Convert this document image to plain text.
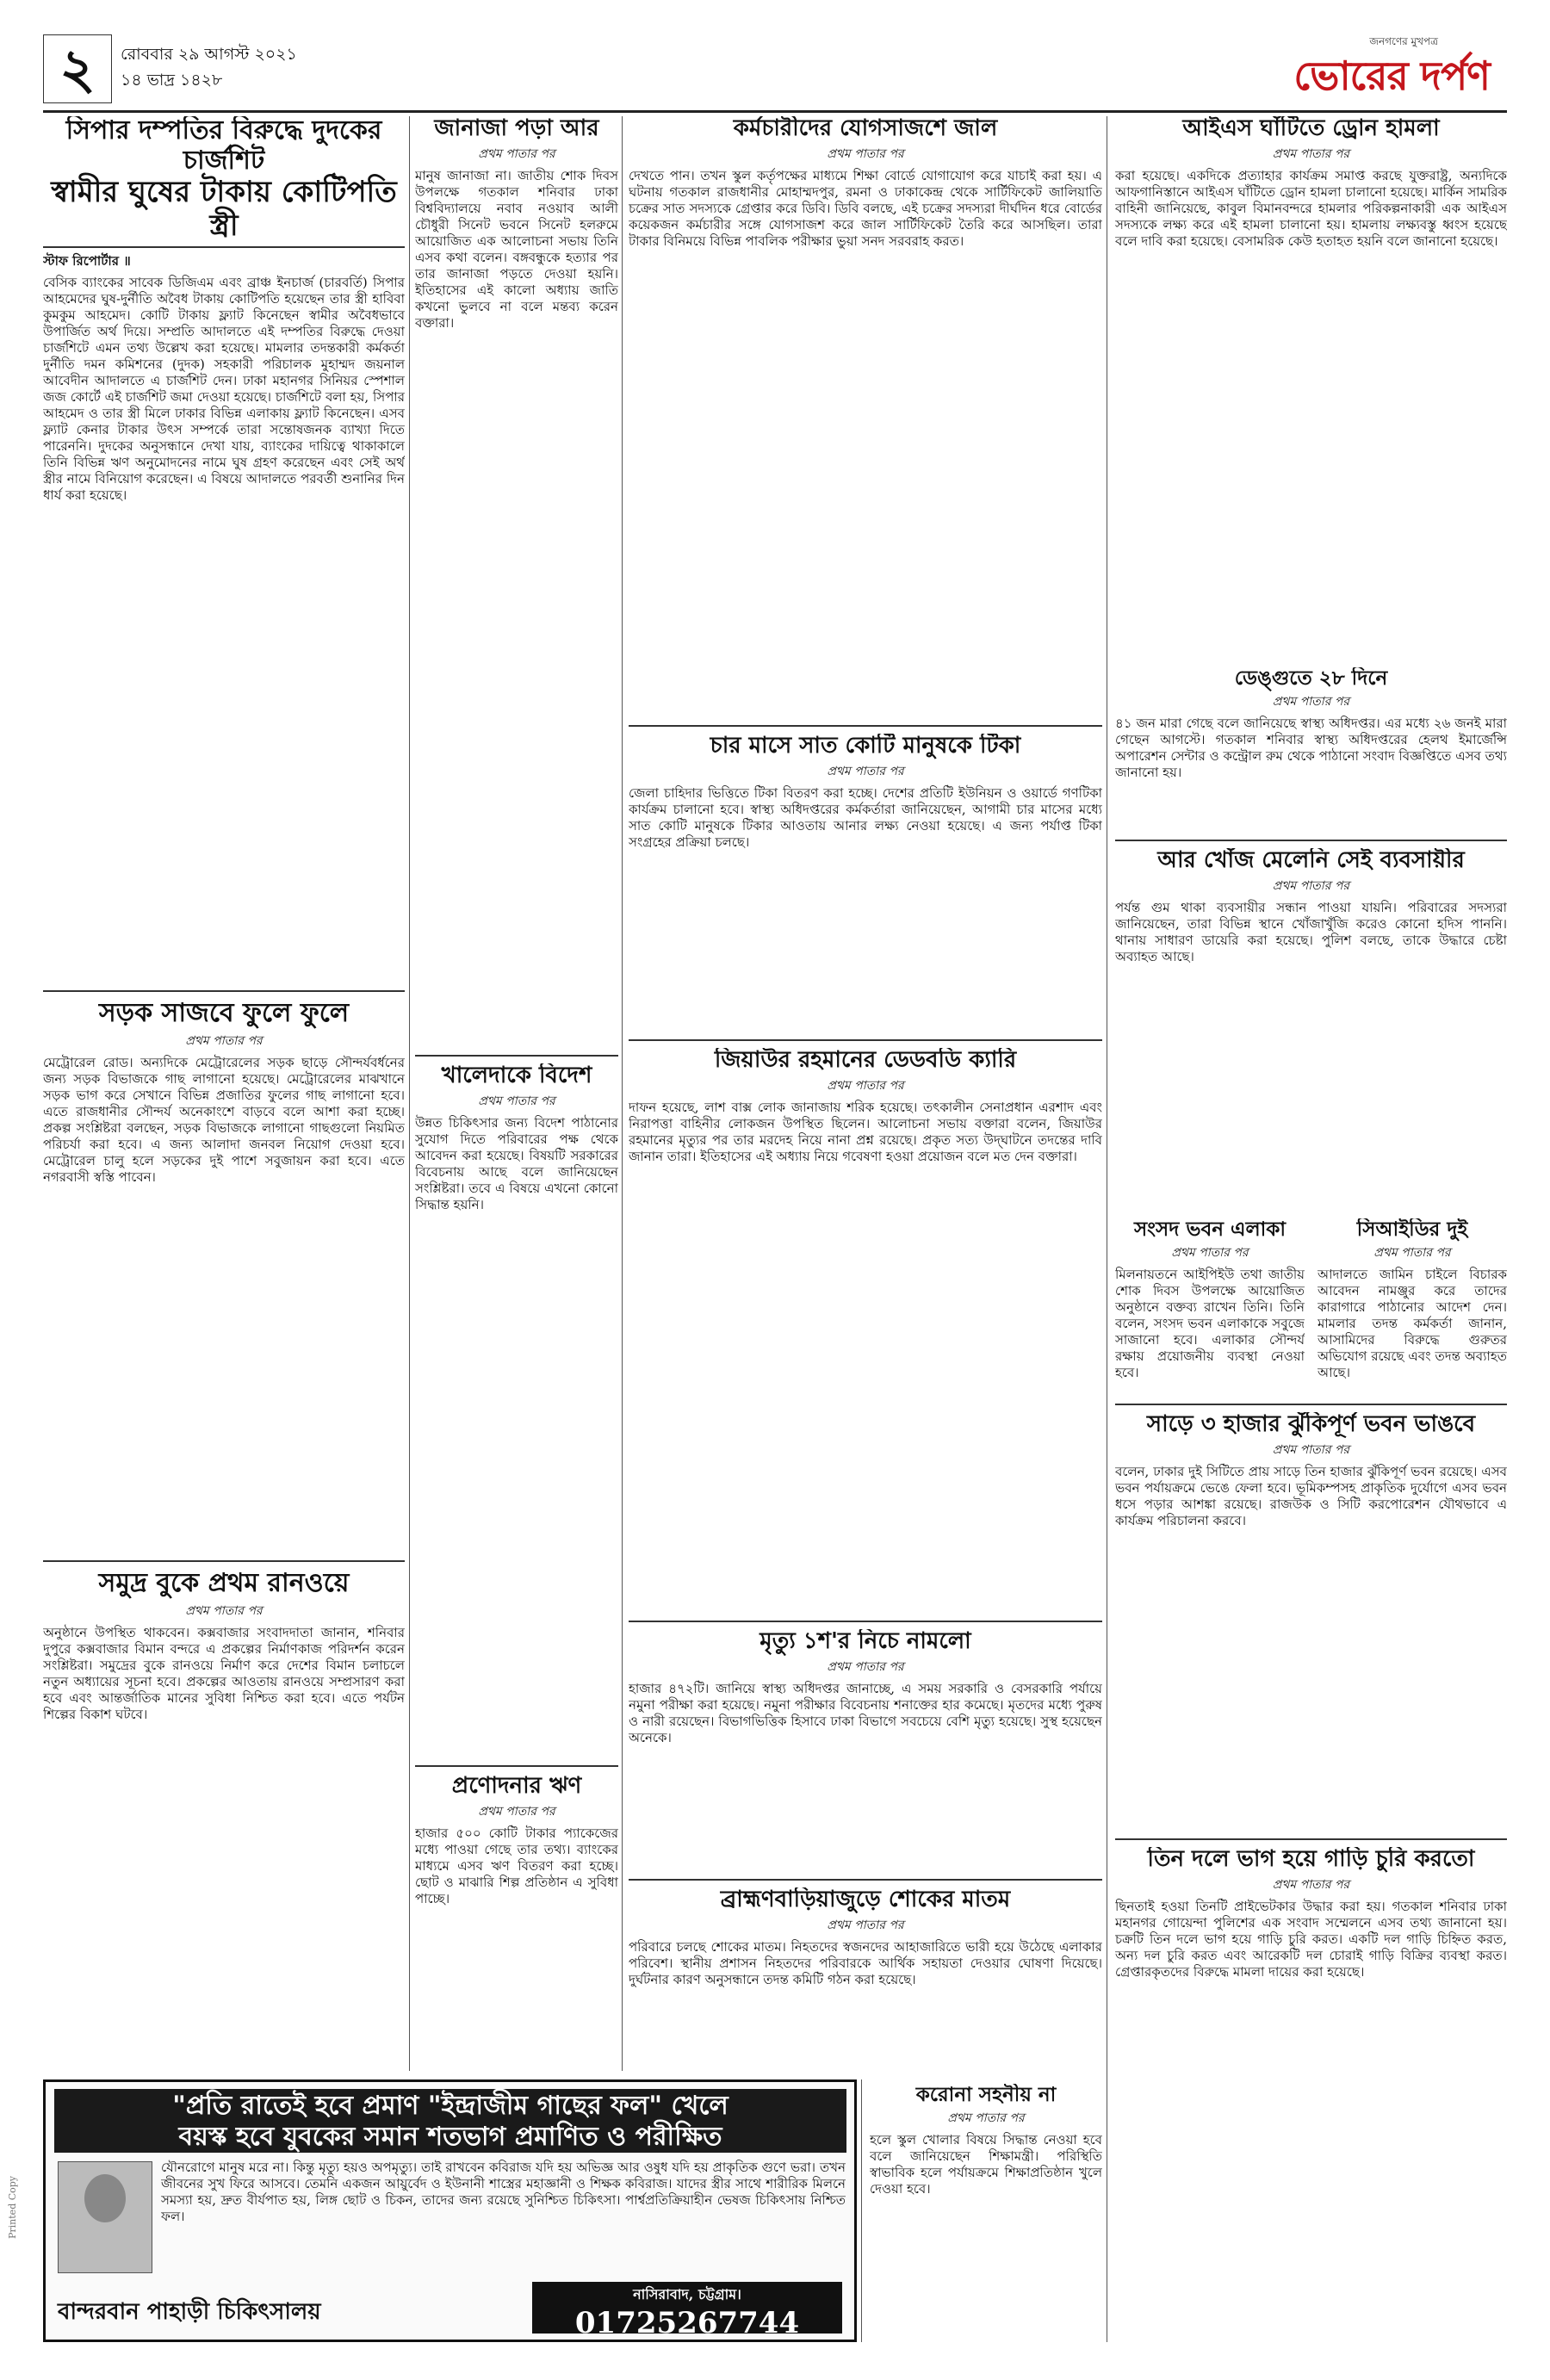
২	রোববার ২৯ আগস্ট ২০২১
১৪ ভাদ্র ১৪২৮
জনগণের মুখপত্র
ভোরের দর্পণ
সিপার দম্পতির বিরুদ্ধে দুদকের চার্জশিট
স্বামীর ঘুষের টাকায় কোটিপতি স্ত্রী
স্টাফ রিপোর্টার ॥
বেসিক ব্যাংকের সাবেক ডিজিএম এবং ব্রাঞ্চ ইনচার্জ (চারবর্তি) সিপার আহমেদের ঘুষ-দুর্নীতি অবৈধ টাকায় কোটিপতি হয়েছেন তার স্ত্রী হাবিবা কুমকুম আহমেদ। কোটি টাকায় ফ্ল্যাট কিনেছেন স্বামীর অবৈধভাবে উপার্জিত অর্থ দিয়ে। সম্প্রতি আদালতে এই দম্পতির বিরুদ্ধে দেওয়া চার্জশিটে এমন তথ্য উল্লেখ করা হয়েছে। মামলার তদন্তকারী কর্মকর্তা দুর্নীতি দমন কমিশনের (দুদক) সহকারী পরিচালক মুহাম্মদ জয়নাল আবেদীন আদালতে এ চার্জশিট দেন। ঢাকা মহানগর সিনিয়র স্পেশাল জজ কোর্টে এই চার্জশিট জমা দেওয়া হয়েছে। চার্জশিটে বলা হয়, সিপার আহমেদ ও তার স্ত্রী মিলে ঢাকার বিভিন্ন এলাকায় ফ্ল্যাট কিনেছেন। এসব ফ্ল্যাট কেনার টাকার উৎস সম্পর্কে তারা সন্তোষজনক ব্যাখ্যা দিতে পারেননি। দুদকের অনুসন্ধানে দেখা যায়, ব্যাংকের দায়িত্বে থাকাকালে তিনি বিভিন্ন ঋণ অনুমোদনের নামে ঘুষ গ্রহণ করেছেন এবং সেই অর্থ স্ত্রীর নামে বিনিয়োগ করেছেন। এ বিষয়ে আদালতে পরবর্তী শুনানির দিন ধার্য করা হয়েছে।
সড়ক সাজবে ফুলে ফুলে
প্রথম পাতার পর
মেট্রোরেল রোড। অন্যদিকে মেট্রোরেলের সড়ক ছাড়ে সৌন্দর্যবর্ধনের জন্য সড়ক বিভাজকে গাছ লাগানো হয়েছে। মেট্রোরেলের মাঝখানে সড়ক ভাগ করে সেখানে বিভিন্ন প্রজাতির ফুলের গাছ লাগানো হবে। এতে রাজধানীর সৌন্দর্য অনেকাংশে বাড়বে বলে আশা করা হচ্ছে। প্রকল্প সংশ্লিষ্টরা বলছেন, সড়ক বিভাজকে লাগানো গাছগুলো নিয়মিত পরিচর্যা করা হবে। এ জন্য আলাদা জনবল নিয়োগ দেওয়া হবে। মেট্রোরেল চালু হলে সড়কের দুই পাশে সবুজায়ন করা হবে। এতে নগরবাসী স্বস্তি পাবেন।
সমুদ্র বুকে প্রথম রানওয়ে
প্রথম পাতার পর
অনুষ্ঠানে উপস্থিত থাকবেন। কক্সবাজার সংবাদদাতা জানান, শনিবার দুপুরে কক্সবাজার বিমান বন্দরে এ প্রকল্পের নির্মাণকাজ পরিদর্শন করেন সংশ্লিষ্টরা। সমুদ্রের বুকে রানওয়ে নির্মাণ করে দেশের বিমান চলাচলে নতুন অধ্যায়ের সূচনা হবে। প্রকল্পের আওতায় রানওয়ে সম্প্রসারণ করা হবে এবং আন্তর্জাতিক মানের সুবিধা নিশ্চিত করা হবে। এতে পর্যটন শিল্পের বিকাশ ঘটবে।
জানাজা পড়া আর
প্রথম পাতার পর
মানুষ জানাজা না। জাতীয় শোক দিবস উপলক্ষে গতকাল শনিবার ঢাকা বিশ্ববিদ্যালয়ে নবাব নওয়াব আলী চৌধুরী সিনেট ভবনে সিনেট হলরুমে আয়োজিত এক আলোচনা সভায় তিনি এসব কথা বলেন। বঙ্গবন্ধুকে হত্যার পর তার জানাজা পড়তে দেওয়া হয়নি। ইতিহাসের এই কালো অধ্যায় জাতি কখনো ভুলবে না বলে মন্তব্য করেন বক্তারা।
খালেদাকে বিদেশ
প্রথম পাতার পর
উন্নত চিকিৎসার জন্য বিদেশ পাঠানোর সুযোগ দিতে পরিবারের পক্ষ থেকে আবেদন করা হয়েছে। বিষয়টি সরকারের বিবেচনায় আছে বলে জানিয়েছেন সংশ্লিষ্টরা। তবে এ বিষয়ে এখনো কোনো সিদ্ধান্ত হয়নি।
প্রণোদনার ঋণ
প্রথম পাতার পর
হাজার ৫০০ কোটি টাকার প্যাকেজের মধ্যে পাওয়া গেছে তার তথ্য। ব্যাংকের মাধ্যমে এসব ঋণ বিতরণ করা হচ্ছে। ছোট ও মাঝারি শিল্প প্রতিষ্ঠান এ সুবিধা পাচ্ছে।
কর্মচারীদের যোগসাজশে জাল
প্রথম পাতার পর
দেখতে পান। তখন স্কুল কর্তৃপক্ষের মাধ্যমে শিক্ষা বোর্ডে যোগাযোগ করে যাচাই করা হয়। এ ঘটনায় গতকাল রাজধানীর মোহাম্মদপুর, রমনা ও ঢাকাকেন্দ্র থেকে সার্টিফিকেট জালিয়াতি চক্রের সাত সদস্যকে গ্রেপ্তার করে ডিবি। ডিবি বলছে, এই চক্রের সদস্যরা দীর্ঘদিন ধরে বোর্ডের কয়েকজন কর্মচারীর সঙ্গে যোগসাজশ করে জাল সার্টিফিকেট তৈরি করে আসছিল। তারা টাকার বিনিময়ে বিভিন্ন পাবলিক পরীক্ষার ভুয়া সনদ সরবরাহ করত।
চার মাসে সাত কোটি মানুষকে টিকা
প্রথম পাতার পর
জেলা চাহিদার ভিত্তিতে টিকা বিতরণ করা হচ্ছে। দেশের প্রতিটি ইউনিয়ন ও ওয়ার্ডে গণটিকা কার্যক্রম চালানো হবে। স্বাস্থ্য অধিদপ্তরের কর্মকর্তারা জানিয়েছেন, আগামী চার মাসের মধ্যে সাত কোটি মানুষকে টিকার আওতায় আনার লক্ষ্য নেওয়া হয়েছে। এ জন্য পর্যাপ্ত টিকা সংগ্রহের প্রক্রিয়া চলছে।
জিয়াউর রহমানের ডেডবডি ক্যারি
প্রথম পাতার পর
দাফন হয়েছে, লাশ বাক্স লোক জানাজায় শরিক হয়েছে। তৎকালীন সেনাপ্রধান এরশাদ এবং নিরাপত্তা বাহিনীর লোকজন উপস্থিত ছিলেন। আলোচনা সভায় বক্তারা বলেন, জিয়াউর রহমানের মৃত্যুর পর তার মরদেহ নিয়ে নানা প্রশ্ন রয়েছে। প্রকৃত সত্য উদ্‌ঘাটনে তদন্তের দাবি জানান তারা। ইতিহাসের এই অধ্যায় নিয়ে গবেষণা হওয়া প্রয়োজন বলে মত দেন বক্তারা।
মৃত্যু ১শ'র নিচে নামলো
প্রথম পাতার পর
হাজার ৪৭২টি। জানিয়ে স্বাস্থ্য অধিদপ্তর জানাচ্ছে, এ সময় সরকারি ও বেসরকারি পর্যায়ে নমুনা পরীক্ষা করা হয়েছে। নমুনা পরীক্ষার বিবেচনায় শনাক্তের হার কমেছে। মৃতদের মধ্যে পুরুষ ও নারী রয়েছেন। বিভাগভিত্তিক হিসাবে ঢাকা বিভাগে সবচেয়ে বেশি মৃত্যু হয়েছে। সুস্থ হয়েছেন অনেকে।
ব্রাহ্মণবাড়িয়াজুড়ে শোকের মাতম
প্রথম পাতার পর
পরিবারে চলছে শোকের মাতম। নিহতদের স্বজনদের আহাজারিতে ভারী হয়ে উঠেছে এলাকার পরিবেশ। স্থানীয় প্রশাসন নিহতদের পরিবারকে আর্থিক সহায়তা দেওয়ার ঘোষণা দিয়েছে। দুর্ঘটনার কারণ অনুসন্ধানে তদন্ত কমিটি গঠন করা হয়েছে।
আইএস ঘাঁটিতে ড্রোন হামলা
প্রথম পাতার পর
করা হয়েছে। একদিকে প্রত্যাহার কার্যক্রম সমাপ্ত করছে যুক্তরাষ্ট্র, অন্যদিকে আফগানিস্তানে আইএস ঘাঁটিতে ড্রোন হামলা চালানো হয়েছে। মার্কিন সামরিক বাহিনী জানিয়েছে, কাবুল বিমানবন্দরে হামলার পরিকল্পনাকারী এক আইএস সদস্যকে লক্ষ্য করে এই হামলা চালানো হয়। হামলায় লক্ষ্যবস্তু ধ্বংস হয়েছে বলে দাবি করা হয়েছে। বেসামরিক কেউ হতাহত হয়নি বলে জানানো হয়েছে।
আর খোঁজ মেলেনি সেই ব্যবসায়ীর
প্রথম পাতার পর
পর্যন্ত গুম থাকা ব্যবসায়ীর সন্ধান পাওয়া যায়নি। পরিবারের সদস্যরা জানিয়েছেন, তারা বিভিন্ন স্থানে খোঁজাখুঁজি করেও কোনো হদিস পাননি। থানায় সাধারণ ডায়েরি করা হয়েছে। পুলিশ বলছে, তাকে উদ্ধারে চেষ্টা অব্যাহত আছে।
সাড়ে ৩ হাজার ঝুঁকিপূর্ণ ভবন ভাঙবে
প্রথম পাতার পর
বলেন, ঢাকার দুই সিটিতে প্রায় সাড়ে তিন হাজার ঝুঁকিপূর্ণ ভবন রয়েছে। এসব ভবন পর্যায়ক্রমে ভেঙে ফেলা হবে। ভূমিকম্পসহ প্রাকৃতিক দুর্যোগে এসব ভবন ধসে পড়ার আশঙ্কা রয়েছে। রাজউক ও সিটি করপোরেশন যৌথভাবে এ কার্যক্রম পরিচালনা করবে।
তিন দলে ভাগ হয়ে গাড়ি চুরি করতো
প্রথম পাতার পর
ছিনতাই হওয়া তিনটি প্রাইভেটকার উদ্ধার করা হয়। গতকাল শনিবার ঢাকা মহানগর গোয়েন্দা পুলিশের এক সংবাদ সম্মেলনে এসব তথ্য জানানো হয়। চক্রটি তিন দলে ভাগ হয়ে গাড়ি চুরি করত। একটি দল গাড়ি চিহ্নিত করত, অন্য দল চুরি করত এবং আরেকটি দল চোরাই গাড়ি বিক্রির ব্যবস্থা করত। গ্রেপ্তারকৃতদের বিরুদ্ধে মামলা দায়ের করা হয়েছে।
ডেঙ্গুতে ২৮ দিনে
প্রথম পাতার পর
৪১ জন মারা গেছে বলে জানিয়েছে স্বাস্থ্য অধিদপ্তর। এর মধ্যে ২৬ জনই মারা গেছেন আগস্টে। গতকাল শনিবার স্বাস্থ্য অধিদপ্তরের হেলথ ইমার্জেন্সি অপারেশন সেন্টার ও কন্ট্রোল রুম থেকে পাঠানো সংবাদ বিজ্ঞপ্তিতে এসব তথ্য জানানো হয়।
সংসদ ভবন এলাকা
প্রথম পাতার পর
মিলনায়তনে আইপিইউ তথা জাতীয় শোক দিবস উপলক্ষে আয়োজিত অনুষ্ঠানে বক্তব্য রাখেন তিনি। তিনি বলেন, সংসদ ভবন এলাকাকে সবুজে সাজানো হবে। এলাকার সৌন্দর্য রক্ষায় প্রয়োজনীয় ব্যবস্থা নেওয়া হবে।
সিআইডির দুই
প্রথম পাতার পর
আদালতে জামিন চাইলে বিচারক আবেদন নামঞ্জুর করে তাদের কারাগারে পাঠানোর আদেশ দেন। মামলার তদন্ত কর্মকর্তা জানান, আসামিদের বিরুদ্ধে গুরুতর অভিযোগ রয়েছে এবং তদন্ত অব্যাহত আছে।
করোনা সহনীয় না
প্রথম পাতার পর
হলে স্কুল খোলার বিষয়ে সিদ্ধান্ত নেওয়া হবে বলে জানিয়েছেন শিক্ষামন্ত্রী। পরিস্থিতি স্বাভাবিক হলে পর্যায়ক্রমে শিক্ষাপ্রতিষ্ঠান খুলে দেওয়া হবে।
"প্রতি রাতেই হবে প্রমাণ "ইন্দ্রাজীম গাছের ফল" খেলে
বয়স্ক হবে যুবকের সমান শতভাগ প্রমাণিত ও পরীক্ষিত
যৌনরোগে মানুষ মরে না। কিন্তু মৃত্যু হয়ও অপমৃত্যু। তাই রাখবেন কবিরাজ যদি হয় অভিজ্ঞ আর ওষুধ যদি হয় প্রাকৃতিক গুণে ভরা। তখন জীবনের সুখ ফিরে আসবে। তেমনি একজন আয়ুর্বেদ ও ইউনানী শাস্ত্রের মহাজ্ঞানী ও শিক্ষক কবিরাজ। যাদের স্ত্রীর সাথে শারীরিক মিলনে সমস্যা হয়, দ্রুত বীর্যপাত হয়, লিঙ্গ ছোট ও চিকন, তাদের জন্য রয়েছে সুনিশ্চিত চিকিৎসা। পার্শ্বপ্রতিক্রিয়াহীন ভেষজ চিকিৎসায় নিশ্চিত ফল।
বান্দরবান পাহাড়ী চিকিৎসালয়
নাসিরাবাদ, চট্টগ্রাম।
01725267744
Printed Copy
